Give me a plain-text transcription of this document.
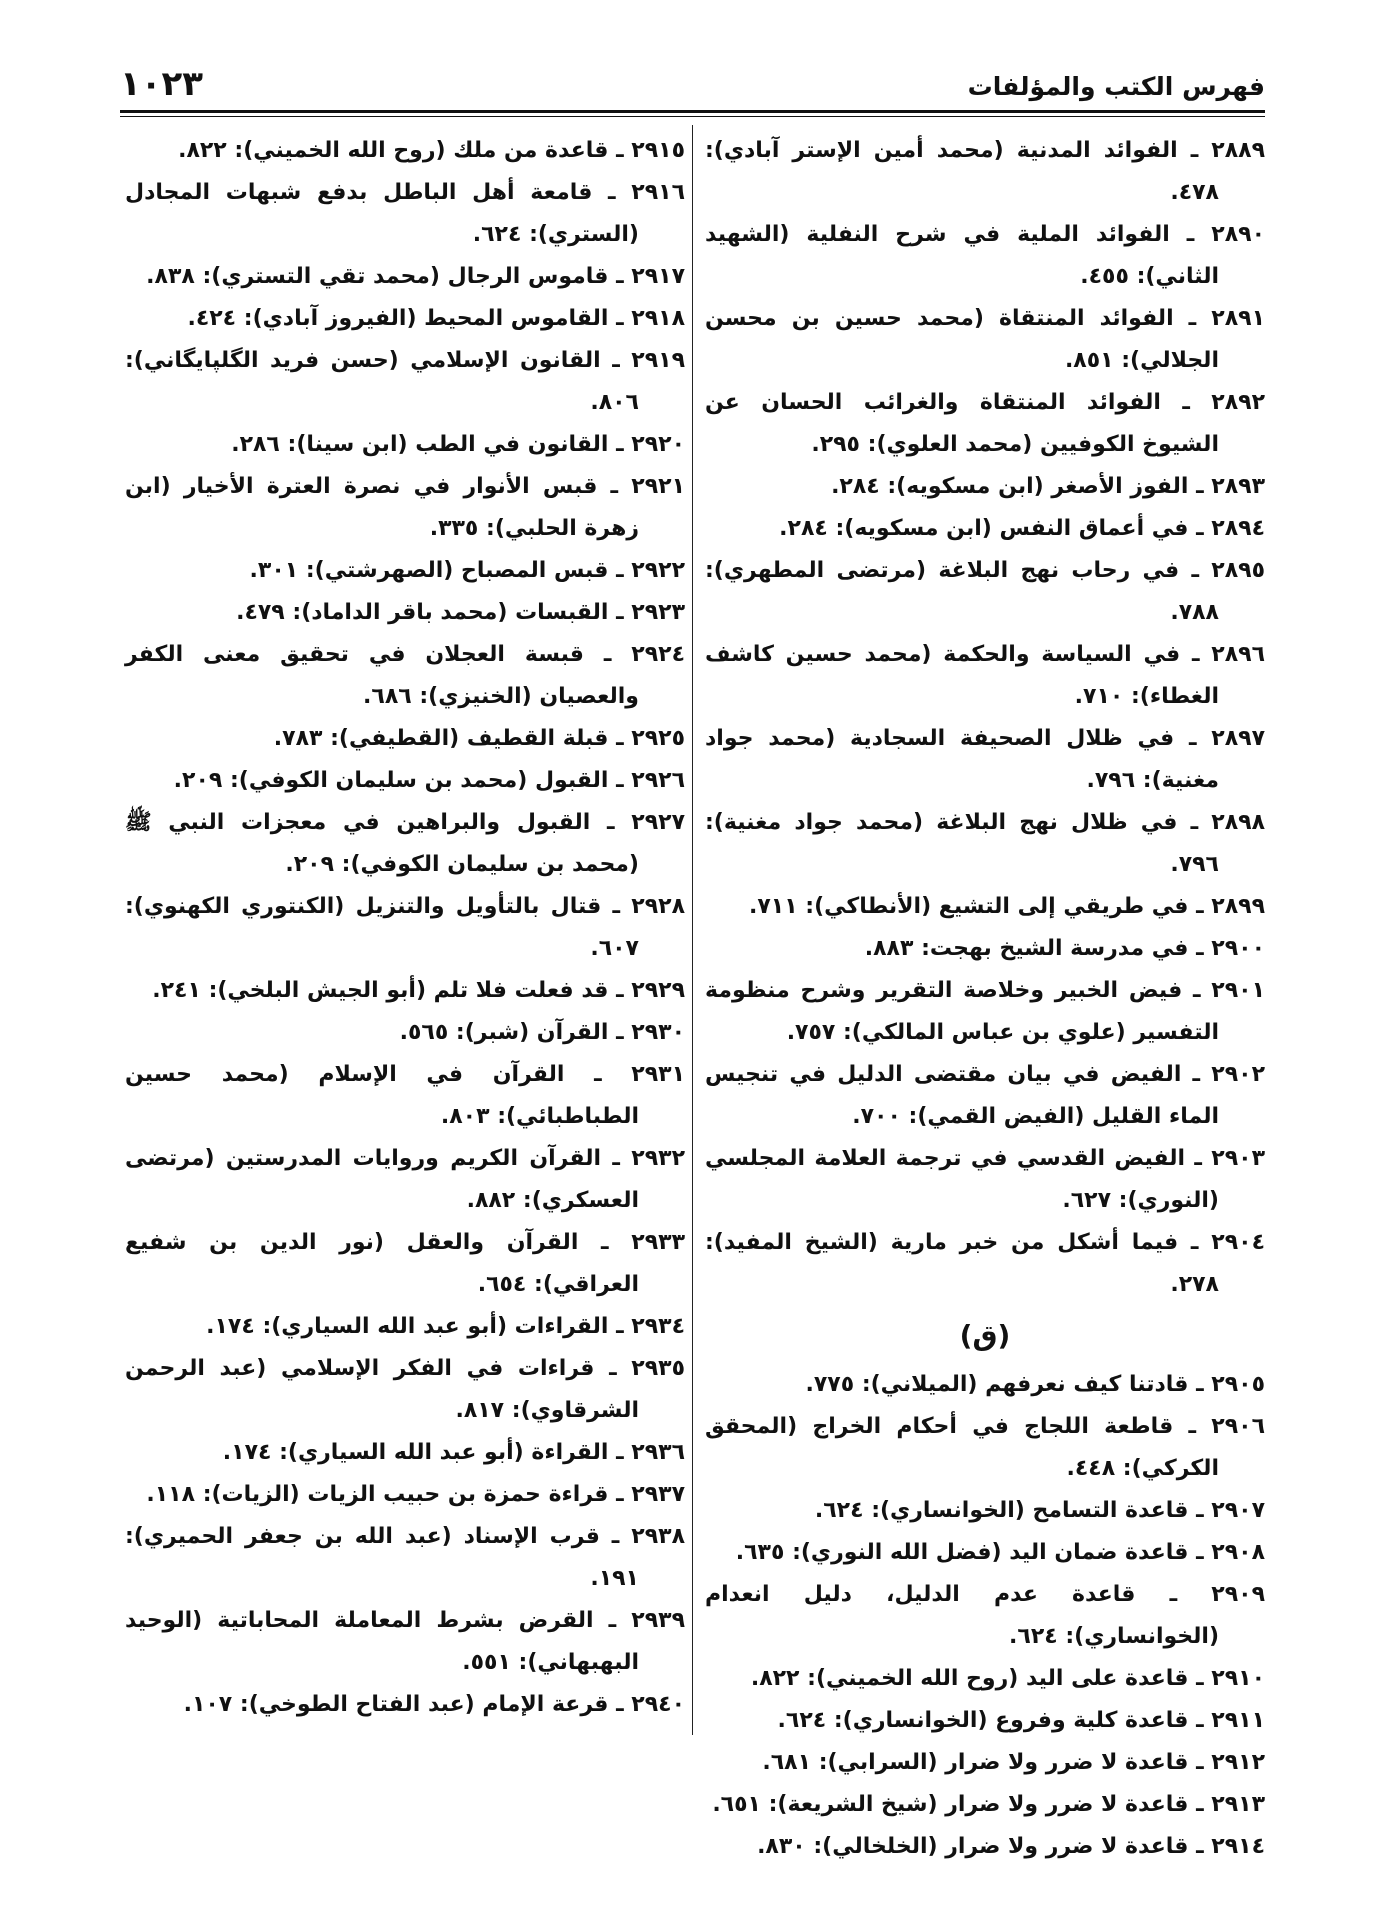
فهرس الكتب والمؤلفات
١٠٢٣
٢٨٨٩ ـ الفوائد المدنية (محمد أمين الإستر آبادي): ٤٧٨.
٢٨٩٠ ـ الفوائد الملية في شرح النفلية (الشهيد الثاني): ٤٥٥.
٢٨٩١ ـ الفوائد المنتقاة (محمد حسين بن محسن الجلالي): ٨٥١.
٢٨٩٢ ـ الفوائد المنتقاة والغرائب الحسان عن الشيوخ الكوفيين (محمد العلوي): ٢٩٥.
٢٨٩٣ ـ الفوز الأصغر (ابن مسكويه): ٢٨٤.
٢٨٩٤ ـ في أعماق النفس (ابن مسكويه): ٢٨٤.
٢٨٩٥ ـ في رحاب نهج البلاغة (مرتضى المطهري): ٧٨٨.
٢٨٩٦ ـ في السياسة والحكمة (محمد حسين كاشف الغطاء): ٧١٠.
٢٨٩٧ ـ في ظلال الصحيفة السجادية (محمد جواد مغنية): ٧٩٦.
٢٨٩٨ ـ في ظلال نهج البلاغة (محمد جواد مغنية): ٧٩٦.
٢٨٩٩ ـ في طريقي إلى التشيع (الأنطاكي): ٧١١.
٢٩٠٠ ـ في مدرسة الشيخ بهجت: ٨٨٣.
٢٩٠١ ـ فيض الخبير وخلاصة التقرير وشرح منظومة التفسير (علوي بن عباس المالكي): ٧٥٧.
٢٩٠٢ ـ الفيض في بيان مقتضى الدليل في تنجيس الماء القليل (الفيض القمي): ٧٠٠.
٢٩٠٣ ـ الفيض القدسي في ترجمة العلامة المجلسي (النوري): ٦٢٧.
٢٩٠٤ ـ فيما أشكل من خبر مارية (الشيخ المفيد): ٢٧٨.
(ق)
٢٩٠٥ ـ قادتنا كيف نعرفهم (الميلاني): ٧٧٥.
٢٩٠٦ ـ قاطعة اللجاج في أحكام الخراج (المحقق الكركي): ٤٤٨.
٢٩٠٧ ـ قاعدة التسامح (الخوانساري): ٦٢٤.
٢٩٠٨ ـ قاعدة ضمان اليد (فضل الله النوري): ٦٣٥.
٢٩٠٩ ـ قاعدة عدم الدليل، دليل انعدام (الخوانساري): ٦٢٤.
٢٩١٠ ـ قاعدة على اليد (روح الله الخميني): ٨٢٢.
٢٩١١ ـ قاعدة كلية وفروع (الخوانساري): ٦٢٤.
٢٩١٢ ـ قاعدة لا ضرر ولا ضرار (السرابي): ٦٨١.
٢٩١٣ ـ قاعدة لا ضرر ولا ضرار (شيخ الشريعة): ٦٥١.
٢٩١٤ ـ قاعدة لا ضرر ولا ضرار (الخلخالي): ٨٣٠.
٢٩١٥ ـ قاعدة من ملك (روح الله الخميني): ٨٢٢.
٢٩١٦ ـ قامعة أهل الباطل بدفع شبهات المجادل (الستري): ٦٢٤.
٢٩١٧ ـ قاموس الرجال (محمد تقي التستري): ٨٣٨.
٢٩١٨ ـ القاموس المحيط (الفيروز آبادي): ٤٢٤.
٢٩١٩ ـ القانون الإسلامي (حسن فريد الگلپايگاني): ٨٠٦.
٢٩٢٠ ـ القانون في الطب (ابن سينا): ٢٨٦.
٢٩٢١ ـ قبس الأنوار في نصرة العترة الأخيار (ابن زهرة الحلبي): ٣٣٥.
٢٩٢٢ ـ قبس المصباح (الصهرشتي): ٣٠١.
٢٩٢٣ ـ القبسات (محمد باقر الداماد): ٤٧٩.
٢٩٢٤ ـ قبسة العجلان في تحقيق معنى الكفر والعصيان (الخنيزي): ٦٨٦.
٢٩٢٥ ـ قبلة القطيف (القطيفي): ٧٨٣.
٢٩٢٦ ـ القبول (محمد بن سليمان الكوفي): ٢٠٩.
٢٩٢٧ ـ القبول والبراهين في معجزات النبي ﷺ (محمد بن سليمان الكوفي): ٢٠٩.
٢٩٢٨ ـ قتال بالتأويل والتنزيل (الكنتوري الكهنوي): ٦٠٧.
٢٩٢٩ ـ قد فعلت فلا تلم (أبو الجيش البلخي): ٢٤١.
٢٩٣٠ ـ القرآن (شبر): ٥٦٥.
٢٩٣١ ـ القرآن في الإسلام (محمد حسين الطباطبائي): ٨٠٣.
٢٩٣٢ ـ القرآن الكريم وروايات المدرستين (مرتضى العسكري): ٨٨٢.
٢٩٣٣ ـ القرآن والعقل (نور الدين بن شفيع العراقي): ٦٥٤.
٢٩٣٤ ـ القراءات (أبو عبد الله السياري): ١٧٤.
٢٩٣٥ ـ قراءات في الفكر الإسلامي (عبد الرحمن الشرقاوي): ٨١٧.
٢٩٣٦ ـ القراءة (أبو عبد الله السياري): ١٧٤.
٢٩٣٧ ـ قراءة حمزة بن حبيب الزيات (الزيات): ١١٨.
٢٩٣٨ ـ قرب الإسناد (عبد الله بن جعفر الحميري): ١٩١.
٢٩٣٩ ـ القرض بشرط المعاملة المحاباتية (الوحيد البهبهاني): ٥٥١.
٢٩٤٠ ـ قرعة الإمام (عبد الفتاح الطوخي): ١٠٧.
